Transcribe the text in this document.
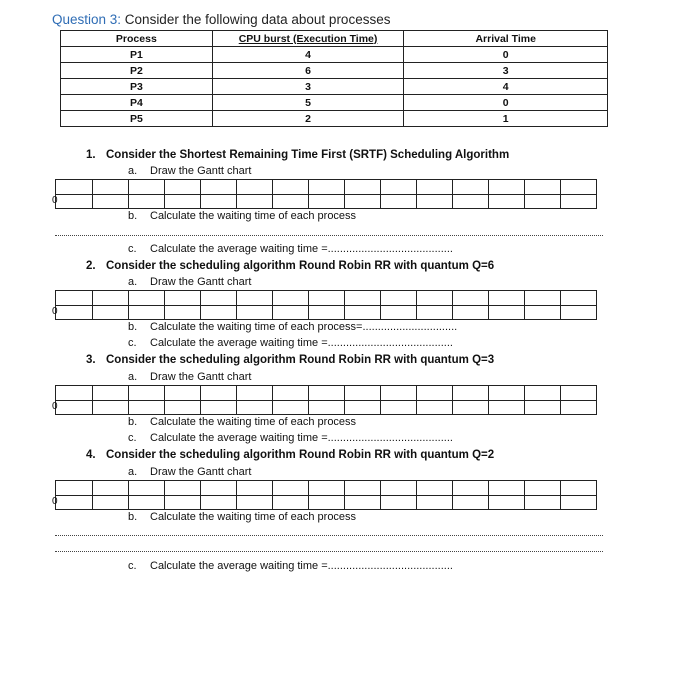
Question 3: Consider the following data about processes
Process	CPU burst (Execution Time)	Arrival Time
P1	4	0
P2	6	3
P3	3	4
P4	5	0
P5	2	1
1. Consider the Shortest Remaining Time First (SRTF) Scheduling Algorithm
a. Draw the Gantt chart
0
b. Calculate the waiting time of each process
c. Calculate the average waiting time =.........................................
2. Consider the scheduling algorithm Round Robin RR with quantum Q=6
a. Draw the Gantt chart
0
b. Calculate the waiting time of each process=...............................
c. Calculate the average waiting time =.........................................
3. Consider the scheduling algorithm Round Robin RR with quantum Q=3
a. Draw the Gantt chart
0
b. Calculate the waiting time of each process
c. Calculate the average waiting time =.........................................
4. Consider the scheduling algorithm Round Robin RR with quantum Q=2
a. Draw the Gantt chart
0
b. Calculate the waiting time of each process
c. Calculate the average waiting time =.........................................
